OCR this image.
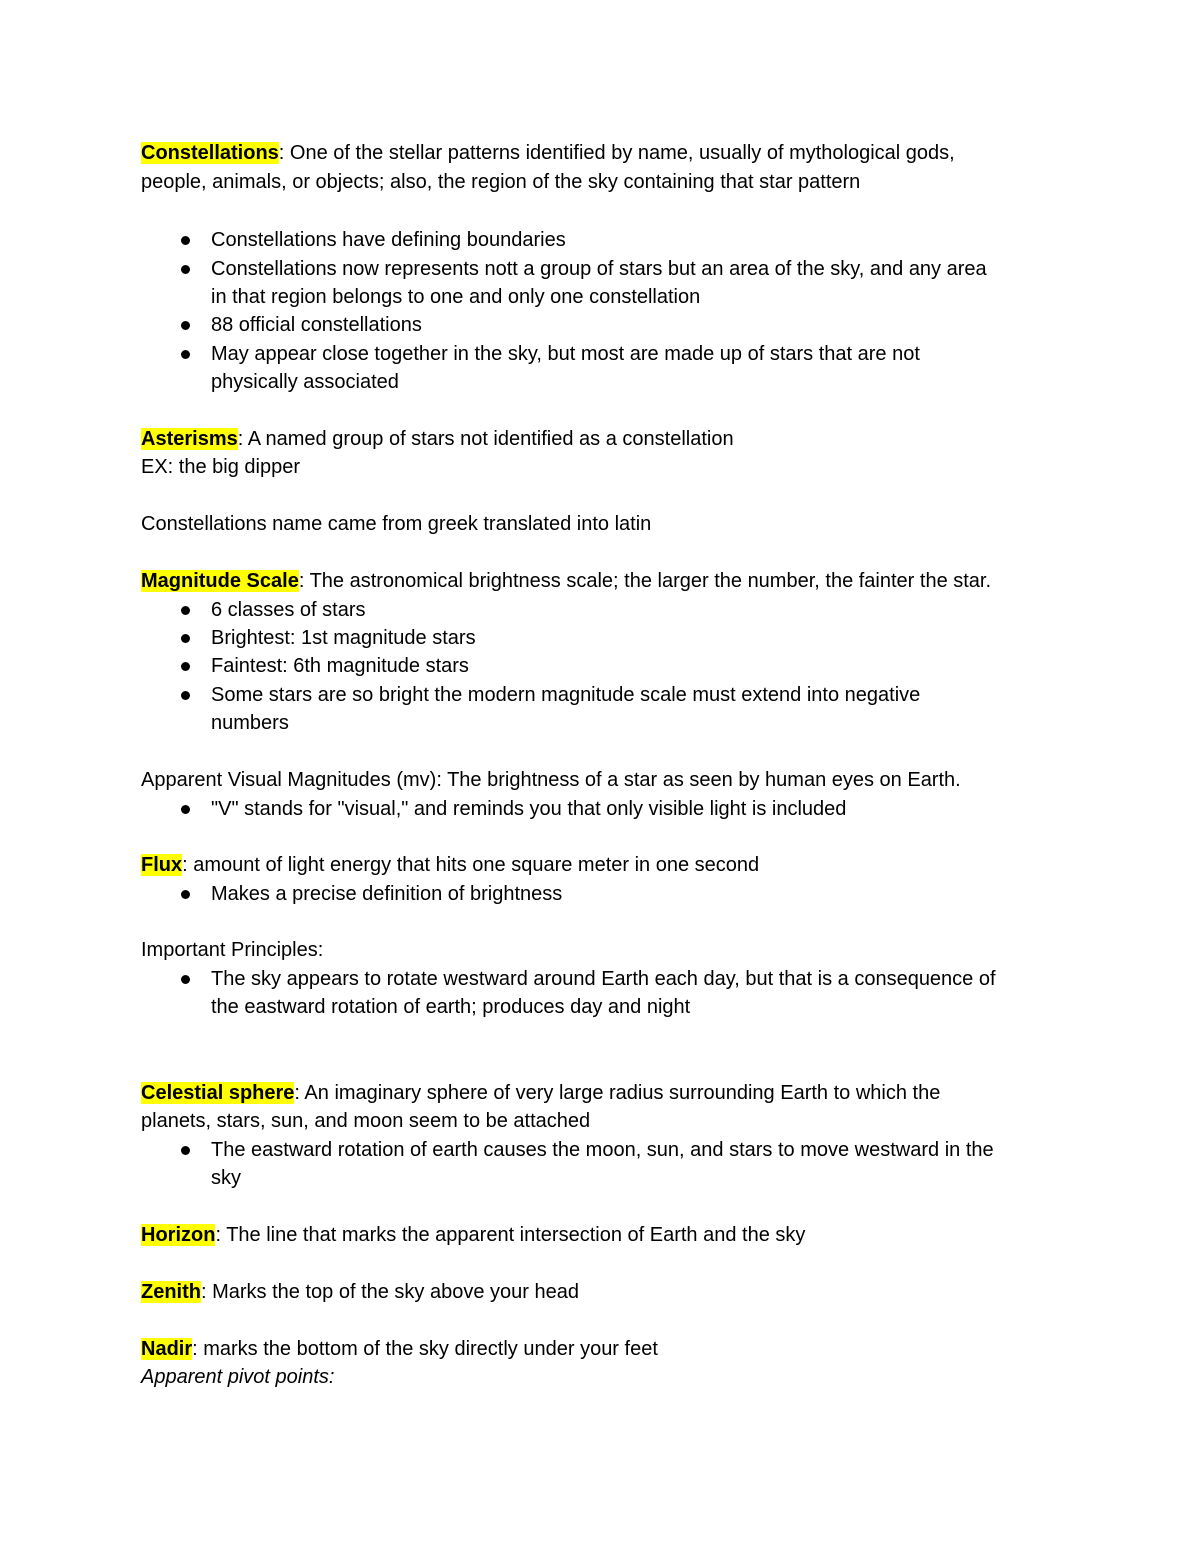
Constellations: One of the stellar patterns identified by name, usually of mythological gods,
people, animals, or objects; also, the region of the sky containing that star pattern
Constellations have defining boundaries
Constellations now represents nott a group of stars but an area of the sky, and any area
in that region belongs to one and only one constellation
88 official constellations
May appear close together in the sky, but most are made up of stars that are not
physically associated
Asterisms: A named group of stars not identified as a constellation
EX: the big dipper
Constellations name came from greek translated into latin
Magnitude Scale: The astronomical brightness scale; the larger the number, the fainter the star.
6 classes of stars
Brightest: 1st magnitude stars
Faintest: 6th magnitude stars
Some stars are so bright the modern magnitude scale must extend into negative
numbers
Apparent Visual Magnitudes (mv): The brightness of a star as seen by human eyes on Earth.
"V" stands for "visual," and reminds you that only visible light is included
Flux: amount of light energy that hits one square meter in one second
Makes a precise definition of brightness
Important Principles:
The sky appears to rotate westward around Earth each day, but that is a consequence of
the eastward rotation of earth; produces day and night
Celestial sphere: An imaginary sphere of very large radius surrounding Earth to which the
planets, stars, sun, and moon seem to be attached
The eastward rotation of earth causes the moon, sun, and stars to move westward in the
sky
Horizon: The line that marks the apparent intersection of Earth and the sky
Zenith: Marks the top of the sky above your head
Nadir: marks the bottom of the sky directly under your feet
Apparent pivot points:
